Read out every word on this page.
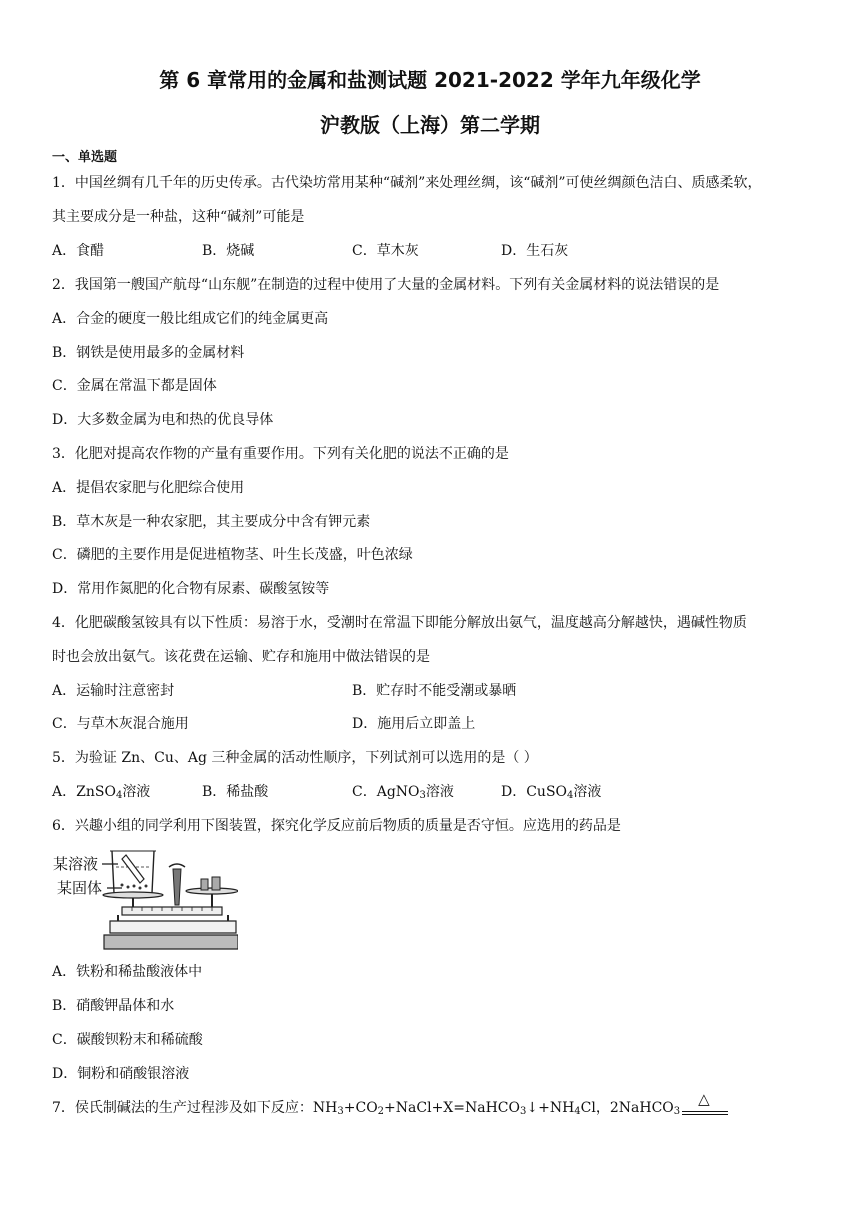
第 6 章常用的金属和盐测试题 2021-2022 学年九年级化学
沪教版（上海）第二学期
一、单选题
1．中国丝绸有几千年的历史传承。古代染坊常用某种“碱剂”来处理丝绸，该“碱剂”可使丝绸颜色洁白、质感柔软，
其主要成分是一种盐，这种“碱剂”可能是
A．食醋	B．烧碱	C．草木灰	D．生石灰
2．我国第一艘国产航母“山东舰”在制造的过程中使用了大量的金属材料。下列有关金属材料的说法错误的是
A．合金的硬度一般比组成它们的纯金属更高
B．钢铁是使用最多的金属材料
C．金属在常温下都是固体
D．大多数金属为电和热的优良导体
3．化肥对提高农作物的产量有重要作用。下列有关化肥的说法不正确的是
A．提倡农家肥与化肥综合使用
B．草木灰是一种农家肥，其主要成分中含有钾元素
C．磷肥的主要作用是促进植物茎、叶生长茂盛，叶色浓绿
D．常用作氮肥的化合物有尿素、碳酸氢铵等
4．化肥碳酸氢铵具有以下性质：易溶于水，受潮时在常温下即能分解放出氨气，温度越高分解越快，遇碱性物质
时也会放出氨气。该花费在运输、贮存和施用中做法错误的是
A．运输时注意密封	B．贮存时不能受潮或暴晒
C．与草木灰混合施用	D．施用后立即盖上
5．为验证 Zn、Cu、Ag 三种金属的活动性顺序，下列试剂可以选用的是（ ）
A．ZnSO$_4$溶液	B．稀盐酸	C．AgNO$_3$溶液	D．CuSO$_4$溶液
6．兴趣小组的同学利用下图装置，探究化学反应前后物质的质量是否守恒。应选用的药品是
某溶液
某固体
A．铁粉和稀盐酸液体中
B．硝酸钾晶体和水
C．碳酸钡粉末和稀硫酸
D．铜粉和硝酸银溶液
7．侯氏制碱法的生产过程涉及如下反应：$NH_3+CO_2+NaCl+X=NaHCO_3↓+NH_4Cl$，2NaHCO$_3$
△
